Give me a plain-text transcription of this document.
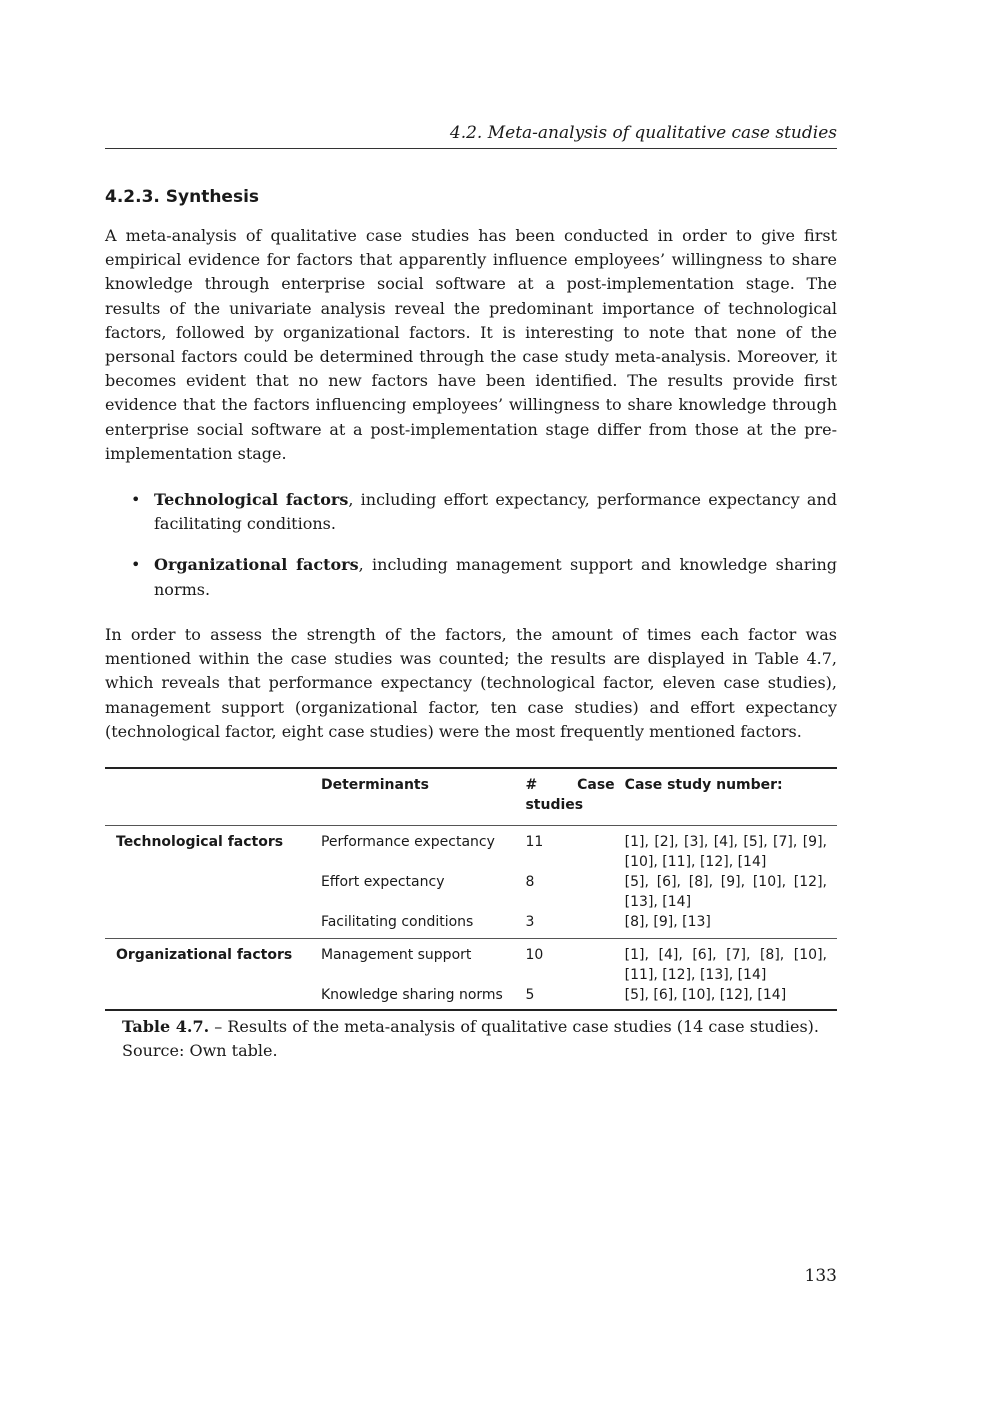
4.2. Meta-analysis of qualitative case studies
4.2.3. Synthesis

A meta-analysis of qualitative case studies has been conducted in order to give first empirical evidence for factors that apparently influence employees’ willingness to share knowledge through enterprise social software at a post-implementation stage. The results of the univariate analysis reveal the predominant importance of technological factors, followed by organizational factors. It is interesting to note that none of the personal factors could be determined through the case study meta-analysis. Moreover, it becomes evident that no new factors have been identified. The results provide first evidence that the factors influencing employees’ willingness to share knowledge through enterprise social software at a post-implementation stage differ from those at the pre-implementation stage.

• Technological factors, including effort expectancy, performance expectancy and facilitating conditions.
• Organizational factors, including management support and knowledge sharing norms.

In order to assess the strength of the factors, the amount of times each factor was mentioned within the case studies was counted; the results are displayed in Table 4.7, which reveals that performance expectancy (technological factor, eleven case studies), management support (organizational factor, ten case studies) and effort expectancy (technological factor, eight case studies) were the most frequently mentioned factors.

	Determinants	# Case studies	Case study number:
Technological factors	Performance expectancy	11	[1], [2], [3], [4], [5], [7], [9], [10], [11], [12], [14]
	Effort expectancy	8	[5], [6], [8], [9], [10], [12], [13], [14]
	Facilitating conditions	3	[8], [9], [13]
Organizational factors	Management support	10	[1], [4], [6], [7], [8], [10], [11], [12], [13], [14]
	Knowledge sharing norms	5	[5], [6], [10], [12], [14]
Table 4.7. – Results of the meta-analysis of qualitative case studies (14 case studies). Source: Own table.
133
